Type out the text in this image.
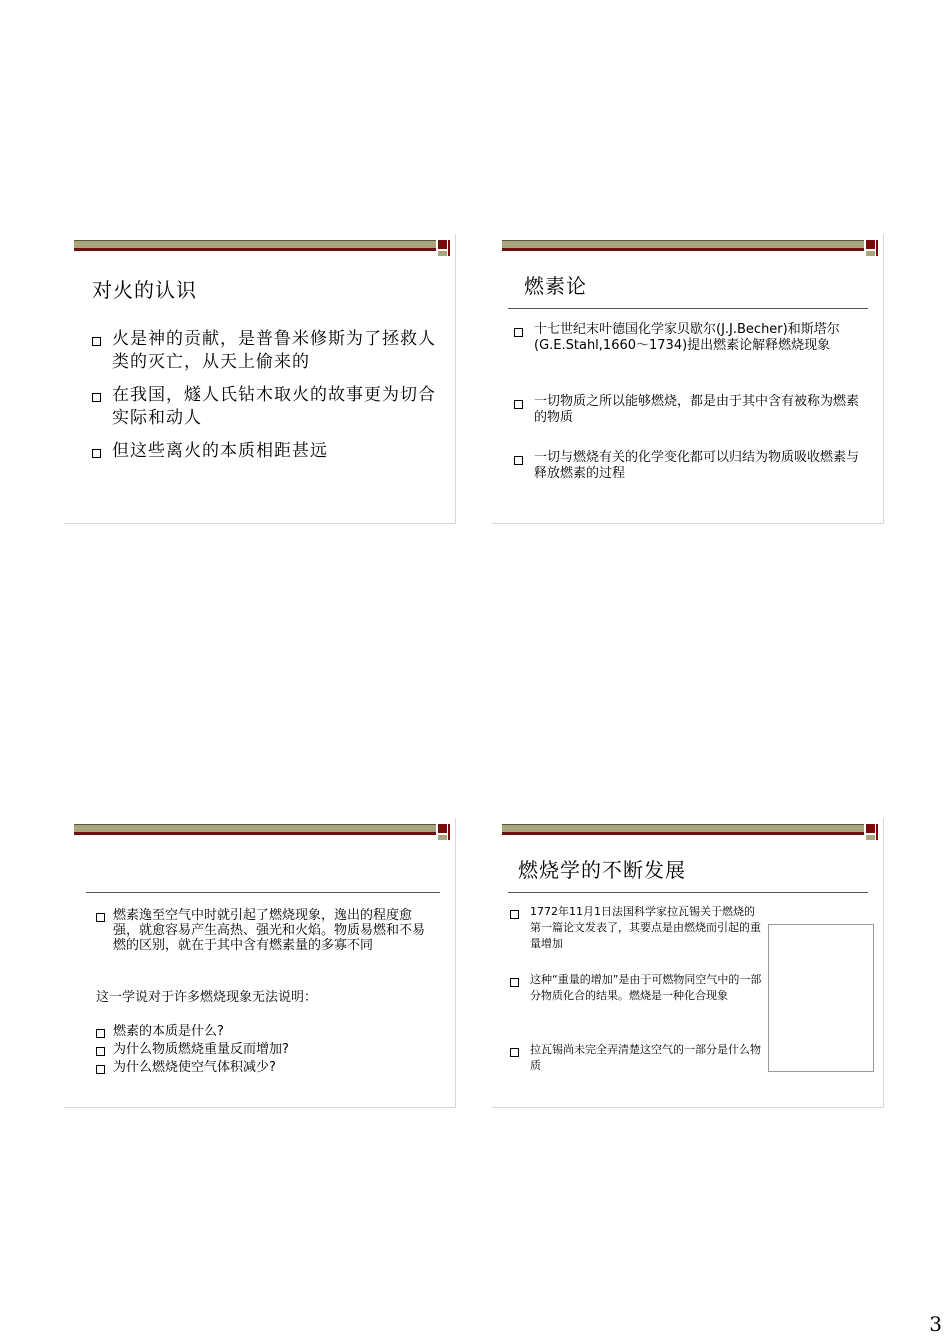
对火的认识
火是神的贡献，是普鲁米修斯为了拯救人类的灭亡，从天上偷来的
在我国，燧人氏钻木取火的故事更为切合实际和动人
但这些离火的本质相距甚远
燃素论
十七世纪末叶德国化学家贝歇尔(J.J.Becher)和斯塔尔(G.E.Stahl,1660～1734)提出燃素论解释燃烧现象
一切物质之所以能够燃烧，都是由于其中含有被称为燃素的物质
一切与燃烧有关的化学变化都可以归结为物质吸收燃素与释放燃素的过程
燃素逸至空气中时就引起了燃烧现象，逸出的程度愈强，就愈容易产生高热、强光和火焰。物质易燃和不易燃的区别，就在于其中含有燃素量的多寡不同
这一学说对于许多燃烧现象无法说明：
燃素的本质是什么?
为什么物质燃烧重量反而增加?
为什么燃烧使空气体积减少?
燃烧学的不断发展
1772年11月1日法国科学家拉瓦锡关于燃烧的第一篇论文发表了，其要点是由燃烧而引起的重量增加
这种“重量的增加”是由于可燃物同空气中的一部分物质化合的结果。燃烧是一种化合现象
拉瓦锡尚未完全弄清楚这空气的一部分是什么物质
3
